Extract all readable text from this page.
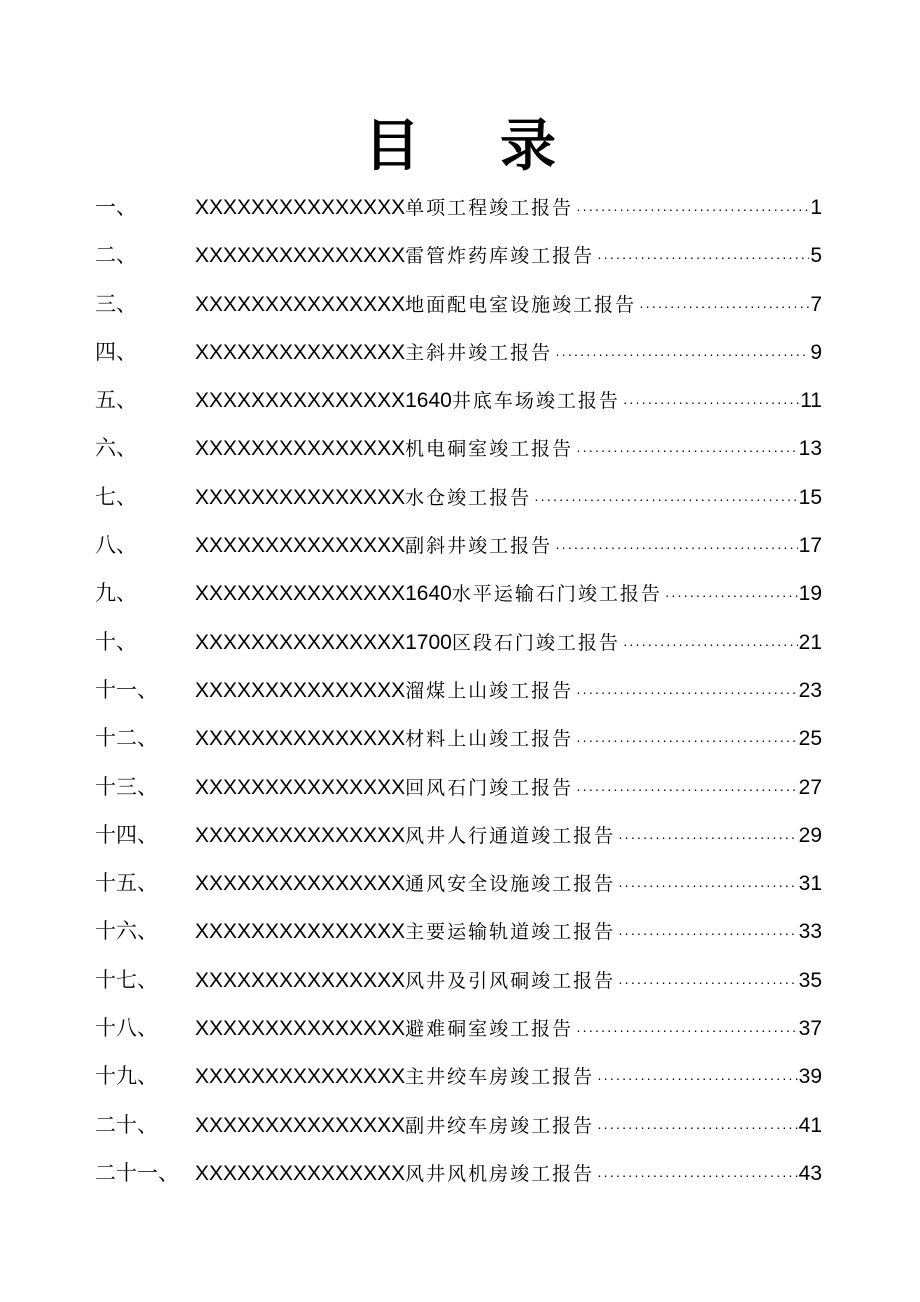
目 录
一、	XXXXXXXXXXXXXXX 单项工程竣工报告 ·····	1
二、	XXXXXXXXXXXXXXX 雷管炸药库竣工报告 ·····	5
三、	XXXXXXXXXXXXXXX 地面配电室设施竣工报告 ·····	7
四、	XXXXXXXXXXXXXXX 主斜井竣工报告 ·····	9
五、	XXXXXXXXXXXXXXX1640 井底车场竣工报告 ·····	11
六、	XXXXXXXXXXXXXXX 机电硐室竣工报告 ·····	13
七、	XXXXXXXXXXXXXXX 水仓竣工报告 ·····	15
八、	XXXXXXXXXXXXXXX 副斜井竣工报告 ·····	17
九、	XXXXXXXXXXXXXXX1640 水平运输石门竣工报告 ·····	19
十、	XXXXXXXXXXXXXXX1700 区段石门竣工报告 ·····	21
十一、	XXXXXXXXXXXXXXX 溜煤上山竣工报告 ·····	23
十二、	XXXXXXXXXXXXXXX 材料上山竣工报告 ·····	25
十三、	XXXXXXXXXXXXXXX 回风石门竣工报告 ·····	27
十四、	XXXXXXXXXXXXXXX 风井人行通道竣工报告 ·····	29
十五、	XXXXXXXXXXXXXXX 通风安全设施竣工报告 ·····	31
十六、	XXXXXXXXXXXXXXX 主要运输轨道竣工报告 ·····	33
十七、	XXXXXXXXXXXXXXX 风井及引风硐竣工报告 ·····	35
十八、	XXXXXXXXXXXXXXX 避难硐室竣工报告 ·····	37
十九、	XXXXXXXXXXXXXXX 主井绞车房竣工报告 ·····	39
二十、	XXXXXXXXXXXXXXX 副井绞车房竣工报告 ·····	41
二十一、 XXXXXXXXXXXXXXX 风井风机房竣工报告 ·····	43
